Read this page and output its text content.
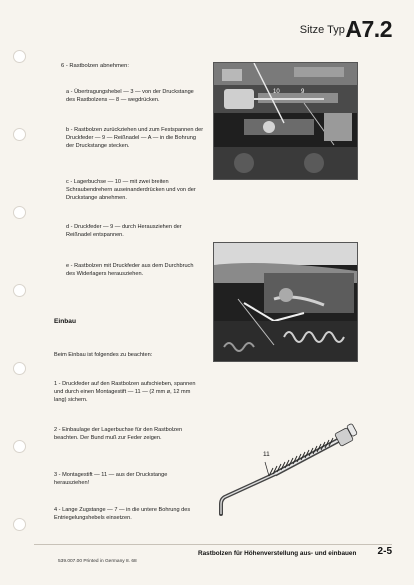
Sitze Typ 4
A7.2
6 - Rastbolzen abnehmen:
a - Übertragungshebel — 3 — von der Druckstange des Rastbolzens — 8 — wegdrücken.
b - Rastbolzen zurückziehen und zum Festspannen der Druckfeder — 9 — Reißnadel — A — in die Bohrung der Druckstange stecken.
c - Lagerbuchse — 10 — mit zwei breiten Schraubendrehern auseinanderdrücken und von der Druckstange abnehmen.
d - Druckfeder — 9 — durch Herausziehen der Reißnadel entspannen.
e - Rastbolzen mit Druckfeder aus dem Durchbruch des Widerlagers herausziehen.
Einbau
Beim Einbau ist folgendes zu beachten:
1 - Druckfeder auf den Rastbolzen aufschieben, spannen und durch einen Montagestift — 11 — (2 mm ø, 12 mm lang) sichern.
2 - Einbaulage der Lagerbuchse für den Rastbolzen beachten. Der Bund muß zur Feder zeigen.
3 - Montagestift — 11 — aus der Druckstange herausziehen!
4 - Lange Zugstange — 7 — in die untere Bohrung des Entriegelungshebels einsetzen.
10	9
11
539.007.00 Printed in Germany 8. 68
Rastbolzen für Höhenverstellung aus- und einbauen 2-5
